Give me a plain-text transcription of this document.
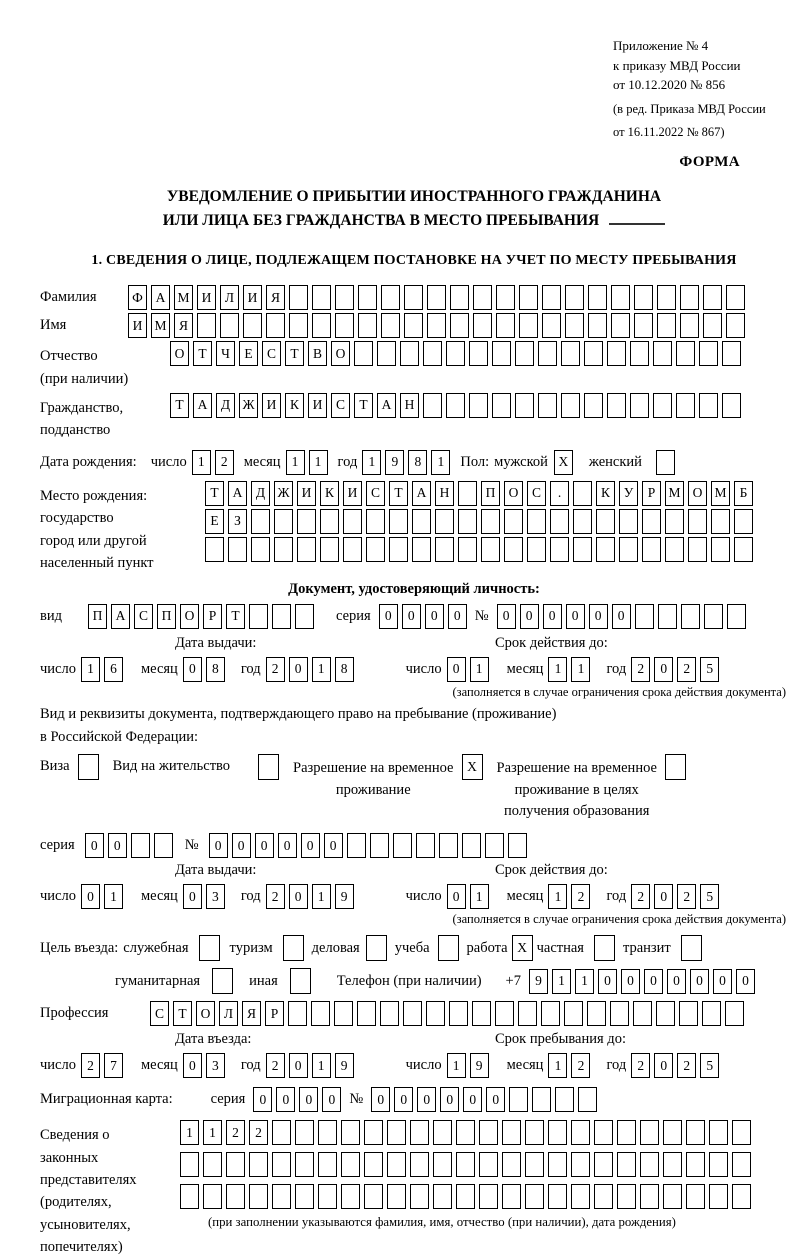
Приложение № 4
к приказу МВД России
от 10.12.2020 № 856
(в ред. Приказа МВД России
от 16.11.2022 № 867)
ФОРМА
УВЕДОМЛЕНИЕ О ПРИБЫТИИ ИНОСТРАННОГО ГРАЖДАНИНА
ИЛИ ЛИЦА БЕЗ ГРАЖДАНСТВА В МЕСТО ПРЕБЫВАНИЯ
1. СВЕДЕНИЯ О ЛИЦЕ, ПОДЛЕЖАЩЕМ ПОСТАНОВКЕ НА УЧЕТ ПО МЕСТУ ПРЕБЫВАНИЯ
Фамилия	Ф А М И	Л	И	Я
Имя	И М Я
Отчество
(при наличии)
О	Т	Ч	Е	С	Т	В	О
Гражданство,
подданство
Т	А	Д Ж И	К	И	С	Т	А Н
Дата рождения: число 1	2	месяц 1	1	год 1	9	8	1	Пол: мужской X	женский
Место рождения:
государство
город или другой
населенный пункт
Т	А	Д Ж И	К	И	С	Т	А Н	П О	С	.	К	У	Р М О М Б
Е	З
Документ, удостоверяющий личность:
вид	П А	С	П О	Р	Т	серия	0	0	0	0 №	0	0	0	0	0	0
Дата выдачи:	Срок действия до:
число 1	6	месяц 0	8	год 2	0	1	8	число 0	1	месяц 1	1	год 2	0	2	5
(заполняется в случае ограничения срока действия документа)
Вид и реквизиты документа, подтверждающего право на пребывание (проживание)
в Российской Федерации:
Виза	Вид на жительство	Разрешение на временное
проживание
X	Разрешение на временное
проживание в целях
получения образования
серия	0	0	№	0	0	0	0	0	0
Дата выдачи:	Срок действия до:
число 0	1	месяц 0	3	год 2	0	1	9	число 0	1	месяц 1	2	год 2	0	2	5
(заполняется в случае ограничения срока действия документа)
Цель въезда: служебная	туризм	деловая учеба	работа X частная	транзит
гуманитарная	иная	Телефон (при наличии) +7	9	1	1	0	0	0	0	0	0	0
Профессия	С	Т	О	Л	Я	Р
Дата въезда:	Срок пребывания до:
число 2	7	месяц 0	3	год 2	0	1	9	число 1	9	месяц 1	2	год 2	0	2	5
Миграционная карта:	серия	0	0	0	0 №	0	0	0	0	0	0
Сведения о
законных
представителях
(родителях,
усыновителях,
попечителях)
1	1	2	2
(при заполнении указываются фамилия, имя, отчество (при наличии), дата рождения)
